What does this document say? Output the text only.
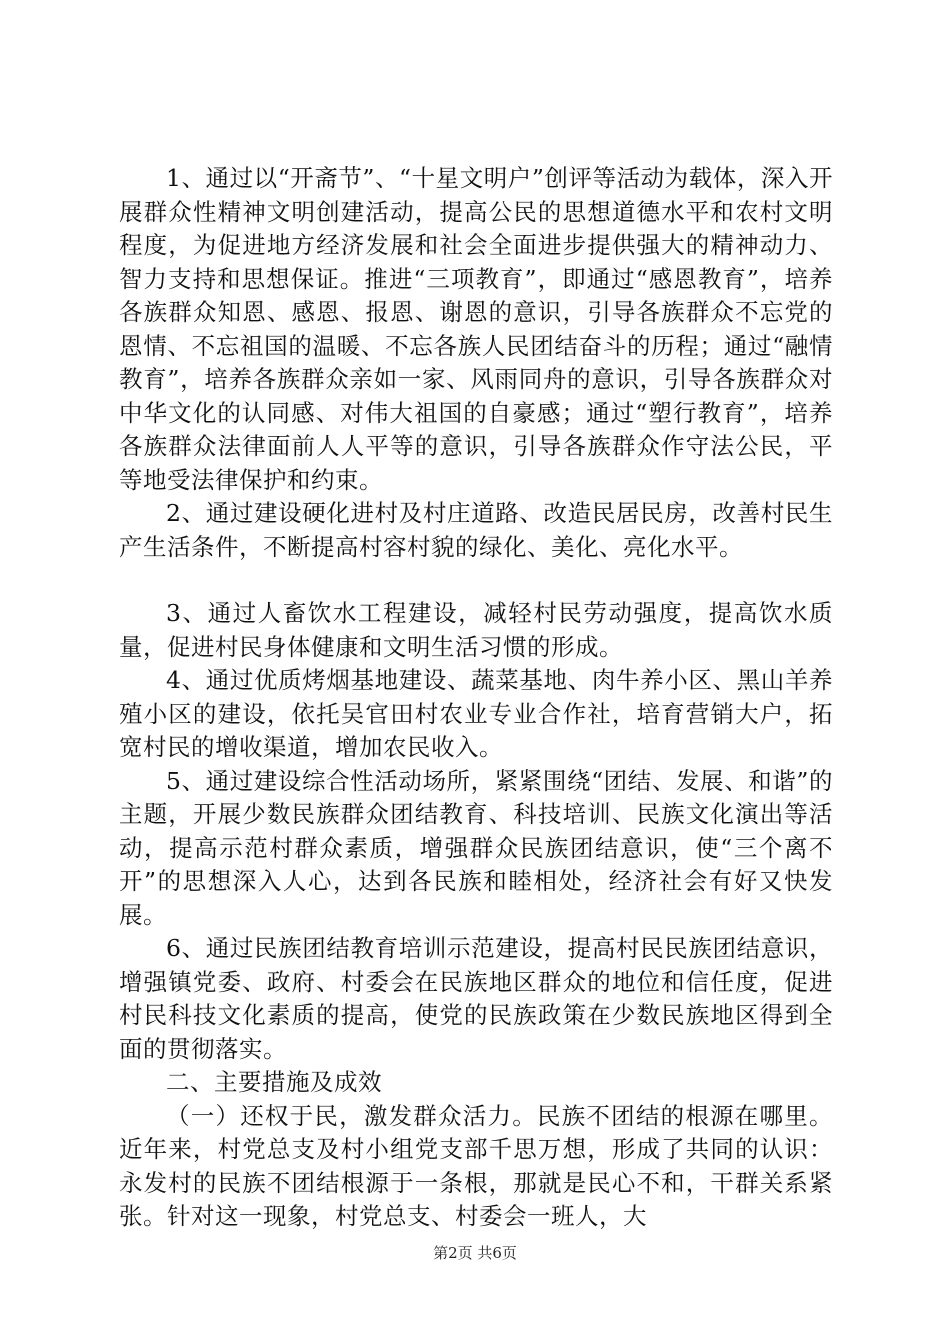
1、通过以“开斋节”、“十星文明户”创评等活动为载体，深入开展群众性精神文明创建活动，提高公民的思想道德水平和农村文明程度，为促进地方经济发展和社会全面进步提供强大的精神动力、智力支持和思想保证。推进“三项教育”，即通过“感恩教育”，培养各族群众知恩、感恩、报恩、谢恩的意识，引导各族群众不忘党的恩情、不忘祖国的温暖、不忘各族人民团结奋斗的历程；通过“融情教育”，培养各族群众亲如一家、风雨同舟的意识，引导各族群众对中华文化的认同感、对伟大祖国的自豪感；通过“塑行教育”，培养各族群众法律面前人人平等的意识，引导各族群众作守法公民，平等地受法律保护和约束。

2、通过建设硬化进村及村庄道路、改造民居民房，改善村民生产生活条件，不断提高村容村貌的绿化、美化、亮化水平。

3、通过人畜饮水工程建设，减轻村民劳动强度，提高饮水质量，促进村民身体健康和文明生活习惯的形成。

4、通过优质烤烟基地建设、蔬菜基地、肉牛养小区、黑山羊养殖小区的建设，依托吴官田村农业专业合作社，培育营销大户，拓宽村民的增收渠道，增加农民收入。

5、通过建设综合性活动场所，紧紧围绕“团结、发展、和谐”的主题，开展少数民族群众团结教育、科技培训、民族文化演出等活动，提高示范村群众素质，增强群众民族团结意识，使“三个离不开”的思想深入人心，达到各民族和睦相处，经济社会有好又快发展。

6、通过民族团结教育培训示范建设，提高村民民族团结意识，增强镇党委、政府、村委会在民族地区群众的地位和信任度，促进村民科技文化素质的提高，使党的民族政策在少数民族地区得到全面的贯彻落实。

二、主要措施及成效

（一）还权于民，激发群众活力。民族不团结的根源在哪里。近年来，村党总支及村小组党支部千思万想，形成了共同的认识：永发村的民族不团结根源于一条根，那就是民心不和，干群关系紧张。针对这一现象，村党总支、村委会一班人，大

第2页 共6页
